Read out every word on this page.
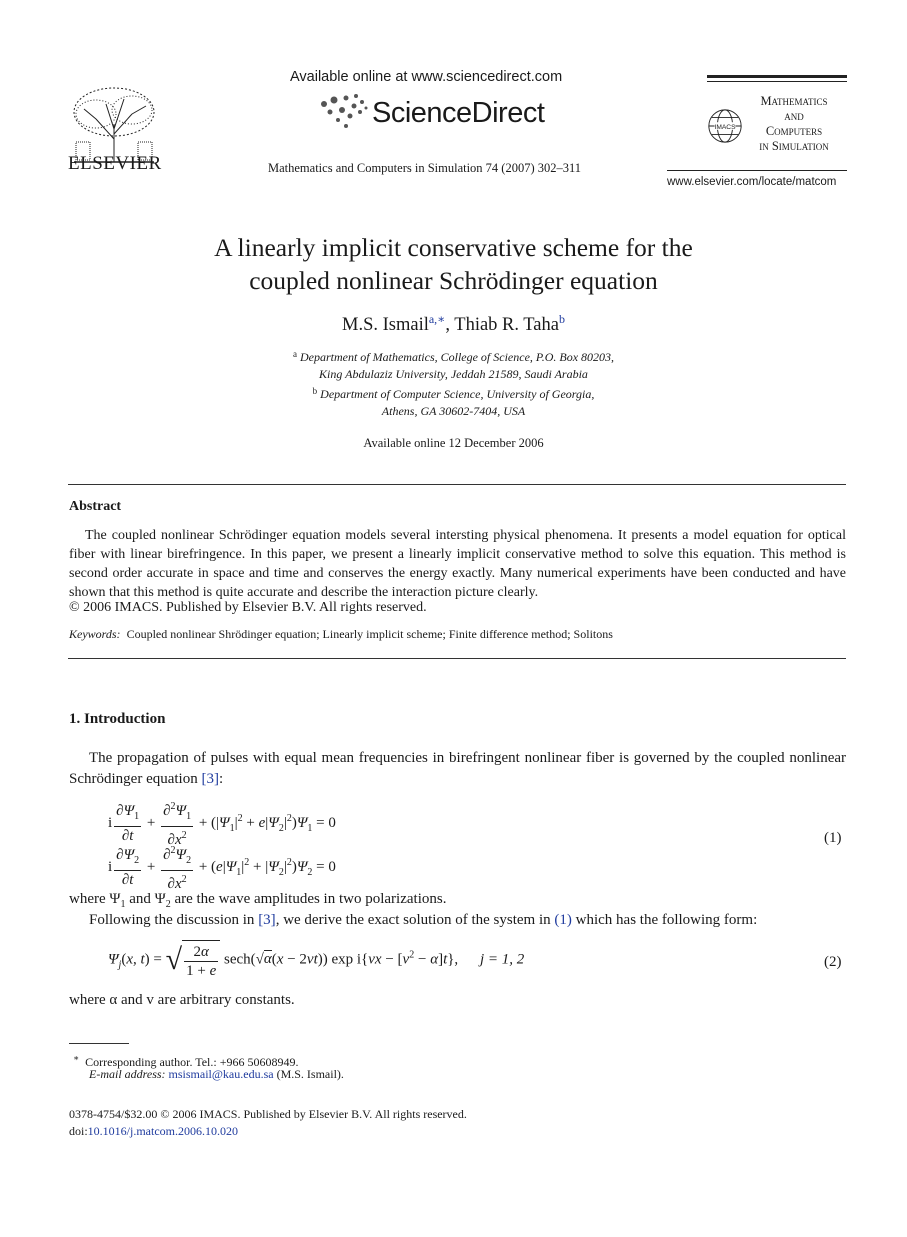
ELSEVIER
Available online at www.sciencedirect.com
ScienceDirect
Mathematics and Computers in Simulation 74 (2007) 302–311
IMACS
Mathematics
and
Computers
in Simulation
www.elsevier.com/locate/matcom
A linearly implicit conservative scheme for the
coupled nonlinear Schrödinger equation
M.S. Ismail$^{a,∗}$, Thiab R. Taha$^b$
$^a$ Department of Mathematics, College of Science, P.O. Box 80203,
King Abdulaziz University, Jeddah 21589, Saudi Arabia
$^b$ Department of Computer Science, University of Georgia,
Athens, GA 30602-7404, USA
Available online 12 December 2006
Abstract

The coupled nonlinear Schrödinger equation models several intersting physical phenomena. It presents a model equation for optical fiber with linear birefringence. In this paper, we present a linearly implicit conservative method to solve this equation. This method is second order accurate in space and time and conserves the energy exactly. Many numerical experiments have been conducted and have shown that this method is quite accurate and describe the interaction picture clearly.

© 2006 IMACS. Published by Elsevier B.V. All rights reserved.
Keywords: Coupled nonlinear Shrödinger equation; Linearly implicit scheme; Finite difference method; Solitons
1. Introduction
The propagation of pulses with equal mean frequencies in birefringent nonlinear fiber is governed by the coupled nonlinear Schrödinger equation [3]:
i $\frac{\partial\Psi_1}{\partial t} + \frac{\partial^2\Psi_1}{\partial x^2} + (|\Psi_1|^2 + e|\Psi_2|^2)\Psi_1 = 0$
i $\frac{\partial\Psi_2}{\partial t} + \frac{\partial^2\Psi_2}{\partial x^2} + (e|\Psi_1|^2 + |\Psi_2|^2)\Psi_2 = 0$
(1)
where $\Psi_1$ and $\Psi_2$ are the wave amplitudes in two polarizations.
Following the discussion in [3], we derive the exact solution of the system in (1) which has the following form:
$\Psi_j(x$, t) = √ $\frac{2\alpha}{1 + e} \sec h(√\alpha(x - 2vt))$ $\exp i\{vx - [v^2 - \alpha]t\}$, j = 1, 2	(2)
where α and v are arbitrary constants.
∗ Corresponding author. Tel.: +966 50608949.
E-mail address: msismail@kau.edu.sa (M.S. Ismail).
0378-4754/$32.00 © 2006 IMACS. Published by Elsevier B.V. All rights reserved.
doi:10.1016/j.matcom.2006.10.020
